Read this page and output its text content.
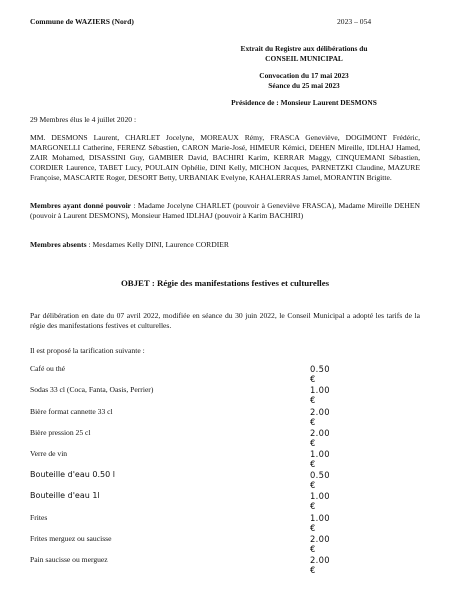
Commune de WAZIERS (Nord)	2023 – 054
Extrait du Registre aux délibérations du
CONSEIL MUNICIPAL
Convocation du 17 mai 2023
Séance du 25 mai 2023
Présidence de : Monsieur Laurent DESMONS
29 Membres élus le 4 juillet 2020 :
MM. DESMONS Laurent, CHARLET Jocelyne, MOREAUX Rémy, FRASCA Geneviève, DOGIMONT Frédéric, MARGONELLI Catherine, FERENZ Sébastien, CARON Marie-José, HIMEUR Kémici, DEHEN Mireille, IDLHAJ Hamed, ZAIR Mohamed, DISASSINI Guy, GAMBIER David, BACHIRI Karim, KERRAR Maggy, CINQUEMANI Sébastien, CORDIER Laurence, TABET Lucy, POULAIN Ophélie, DINI Kelly, MICHON Jacques, PARNETZKI Claudine, MAZURE Françoise, MASCARTE Roger, DESORT Betty, URBANIAK Evelyne, KAHALERRAS Jamel, MORANTIN Brigitte.
Membres ayant donné pouvoir : Madame Jocelyne CHARLET (pouvoir à Geneviève FRASCA), Madame Mireille DEHEN (pouvoir à Laurent DESMONS), Monsieur Hamed IDLHAJ (pouvoir à Karim BACHIRI)
Membres absents : Mesdames Kelly DINI, Laurence CORDIER
OBJET : Régie des manifestations festives et culturelles
Par délibération en date du 07 avril 2022, modifiée en séance du 30 juin 2022, le Conseil Municipal a adopté les tarifs de la régie des manifestations festives et culturelles.
Il est proposé la tarification suivante :
Café ou thé	0.50 €
Sodas 33 cl (Coca, Fanta, Oasis, Perrier)	1.00 €
Bière format cannette 33 cl	2.00 €
Bière pression 25 cl	2.00 €
Verre de vin	1.00 €
Bouteille d'eau 0.50 l	0.50 €
Bouteille d'eau 1l	1.00 €
Frites	1.00 €
Frites merguez ou saucisse	2.00 €
Pain saucisse ou merguez	2.00 €
